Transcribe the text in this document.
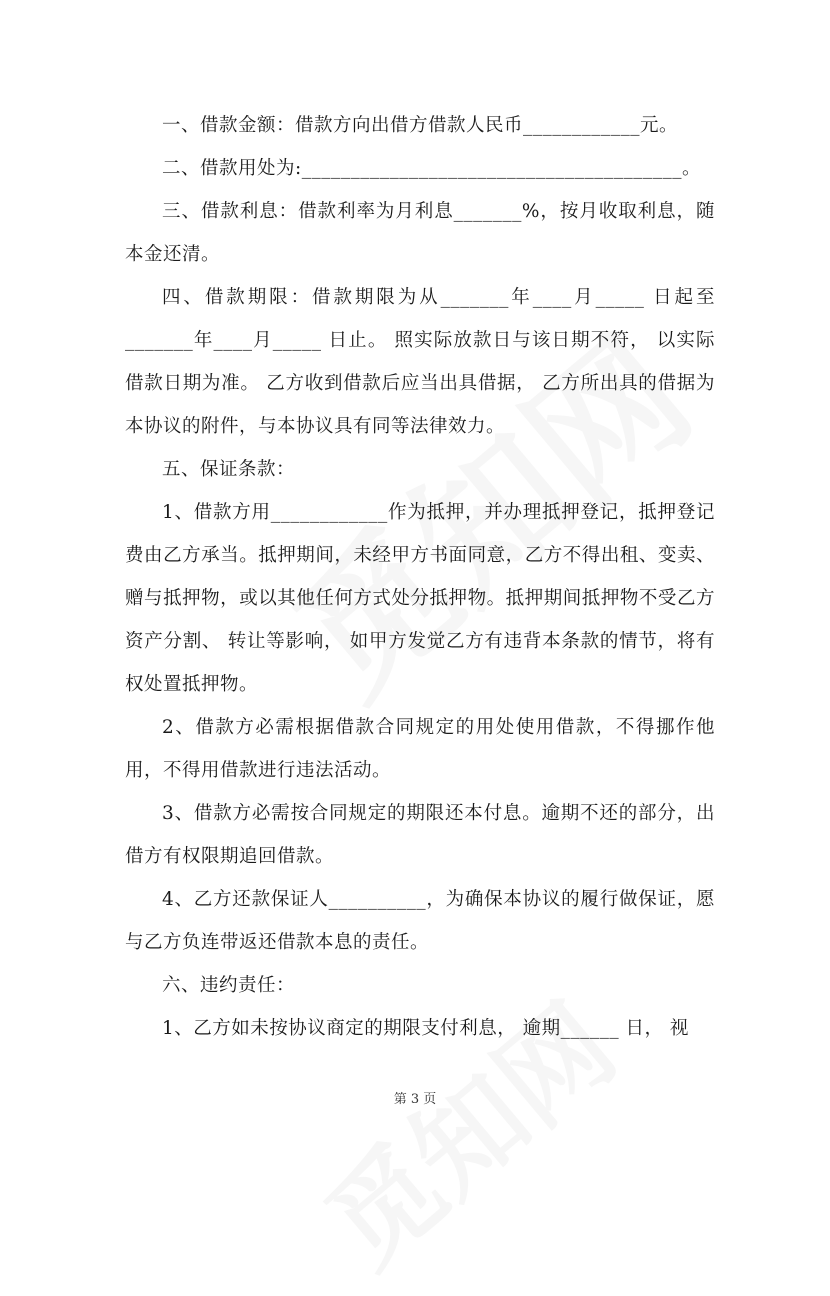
一、借款金额：借款方向出借方借款人民币____________元。

二、借款用处为:_______________________________________。

三、借款利息：借款利率为月利息_______%，按月收取利息，随本金还清。

四、借款期限：借款期限为从_______年____月_____ 日起至_______年____月_____ 日止。 照实际放款日与该日期不符， 以实际借款日期为准。 乙方收到借款后应当出具借据， 乙方所出具的借据为本协议的附件，与本协议具有同等法律效力。

五、保证条款：

1、借款方用____________作为抵押，并办理抵押登记，抵押登记费由乙方承当。抵押期间，未经甲方书面同意，乙方不得出租、变卖、赠与抵押物，或以其他任何方式处分抵押物。抵押期间抵押物不受乙方资产分割、 转让等影响， 如甲方发觉乙方有违背本条款的情节，将有权处置抵押物。

2、借款方必需根据借款合同规定的用处使用借款，不得挪作他用，不得用借款进行违法活动。

3、借款方必需按合同规定的期限还本付息。逾期不还的部分，出借方有权限期追回借款。

4、乙方还款保证人__________，为确保本协议的履行做保证，愿与乙方负连带返还借款本息的责任。

六、违约责任：

1、乙方如未按协议商定的期限支付利息， 逾期______ 日， 视

第 3 页
